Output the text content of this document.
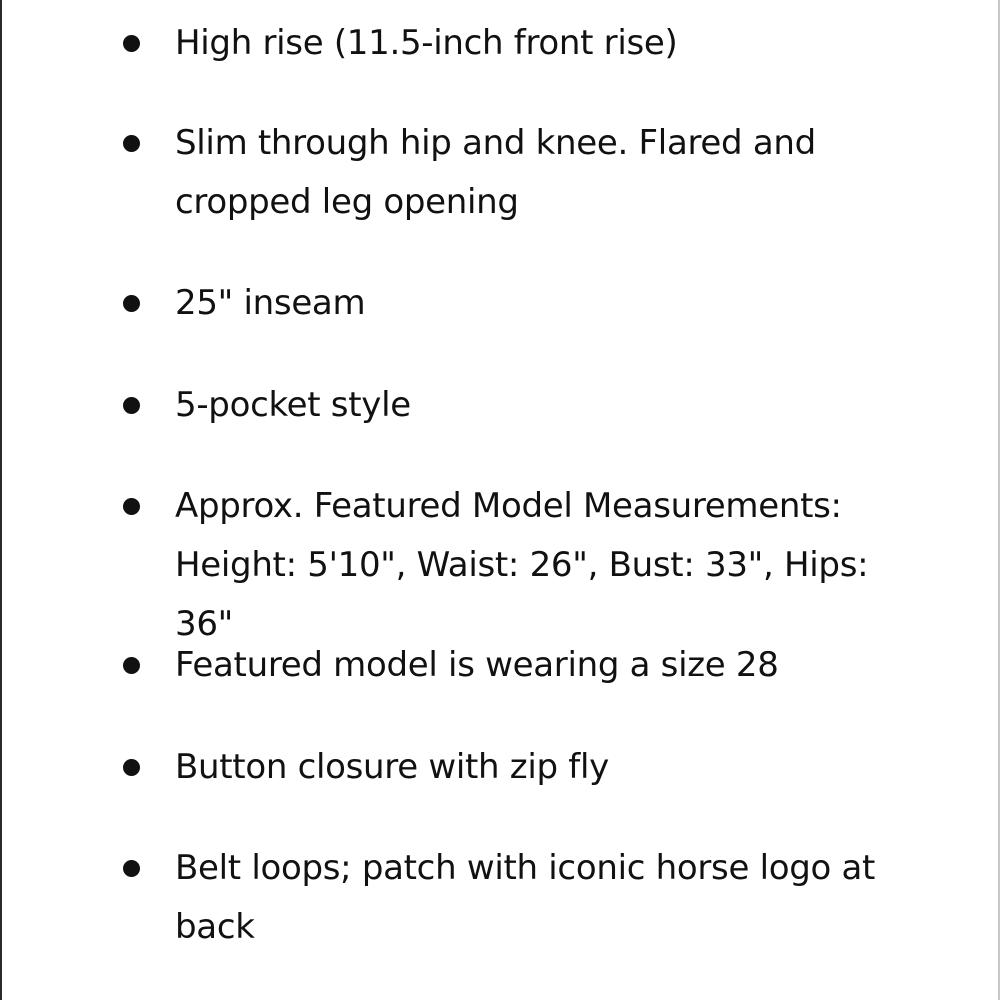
High rise (11.5-inch front rise)
Slim through hip and knee. Flared and cropped leg opening
25" inseam
5-pocket style
Approx. Featured Model Measurements: Height: 5'10", Waist: 26", Bust: 33", Hips: 36"
Featured model is wearing a size 28
Button closure with zip fly
Belt loops; patch with iconic horse logo at back
